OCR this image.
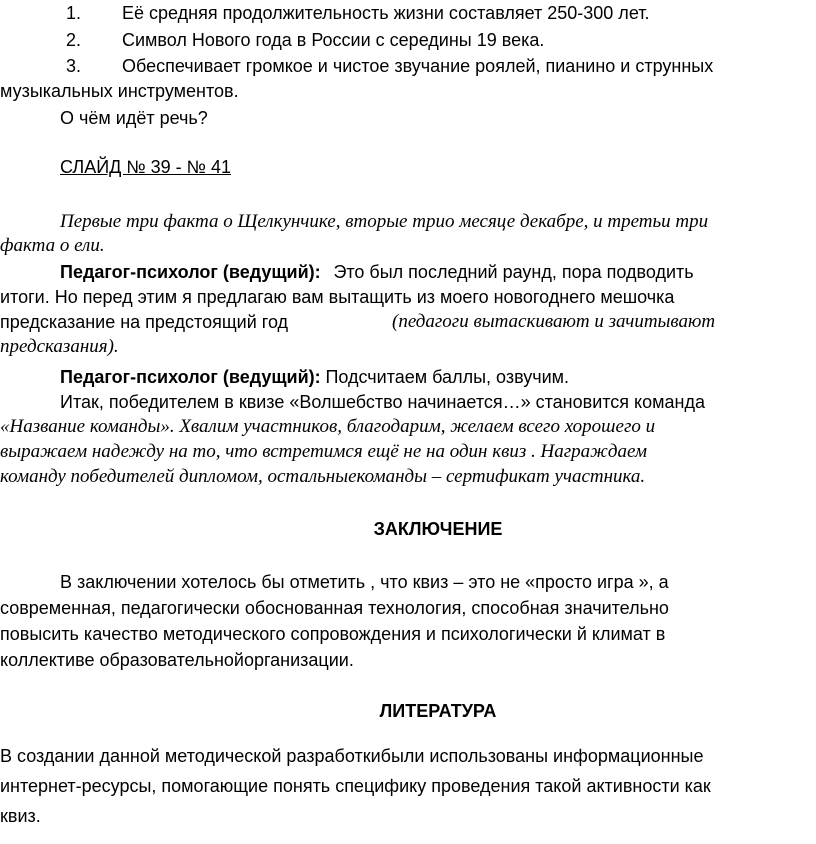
1. Её средняя продолжительность жизни составляет 250-300 лет.
2. Символ Нового года в России с середины 19 века.
3. Обеспечивает громкое и чистое звучание роялей, пианино и струнных
музыкальных инструментов.
О чём идёт речь?
СЛАЙД № 39 - № 41
Первые три факта о Щелкунчике, вторые трио месяце декабре, и третьи три
факта о ели.
Педагог-психолог (ведущий): Это был последний раунд, пора подводить
итоги. Но перед этим я предлагаю вам вытащить из моего новогоднего мешочка
предсказание на предстоящий год	(педагоги вытаскивают и зачитывают
предсказания).
Педагог-психолог (ведущий): Подсчитаем баллы, озвучим.
Итак, победителем в квизе «Волшебство начинается…» становится команда
«Название команды». Хвалим участников, благодарим, желаем всего хорошего и
выражаем надежду на то, что встретимся ещё не на один квиз . Награждаем
команду победителей дипломом, остальныекоманды – сертификат участника.
ЗАКЛЮЧЕНИЕ
В заключении хотелось бы отметить , что квиз – это не «просто игра », а
современная, педагогически обоснованная технология, способная значительно
повысить качество методического сопровождения и психологически й климат в
коллективе образовательнойорганизации.
ЛИТЕРАТУРА
В создании данной методической разработкибыли использованы информационные
интернет-ресурсы, помогающие понять специфику проведения такой активности как
квиз.
